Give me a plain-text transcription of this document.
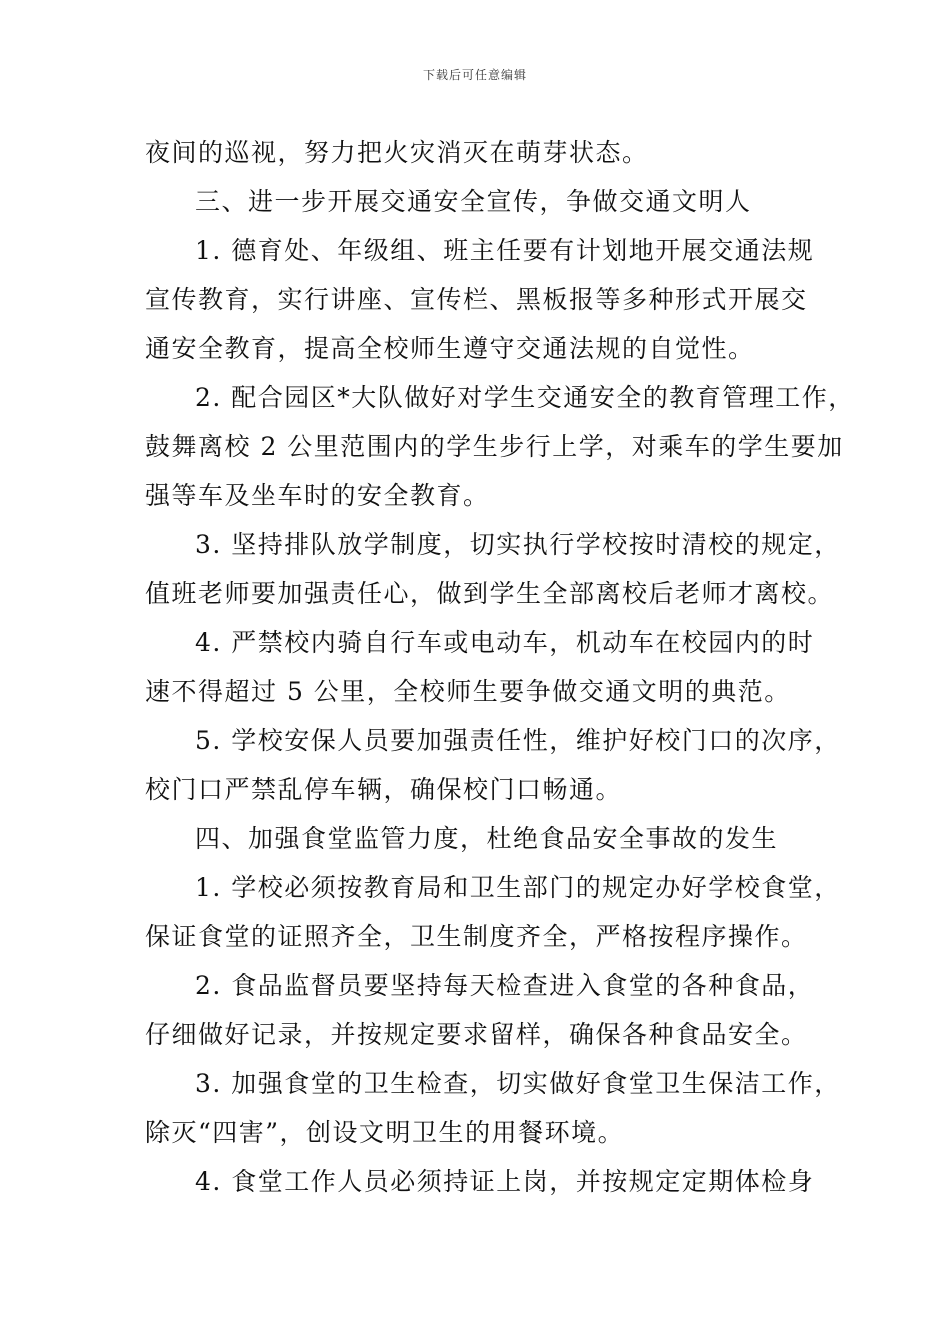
下载后可任意编辑
夜间的巡视，努力把火灾消灭在萌芽状态。
三、进一步开展交通安全宣传，争做交通文明人
1. 德育处、年级组、班主任要有计划地开展交通法规
宣传教育，实行讲座、宣传栏、黑板报等多种形式开展交
通安全教育，提高全校师生遵守交通法规的自觉性。
2. 配合园区*大队做好对学生交通安全的教育管理工作，
鼓舞离校 2 公里范围内的学生步行上学，对乘车的学生要加
强等车及坐车时的安全教育。
3. 坚持排队放学制度，切实执行学校按时清校的规定，
值班老师要加强责任心，做到学生全部离校后老师才离校。
4. 严禁校内骑自行车或电动车，机动车在校园内的时
速不得超过 5 公里，全校师生要争做交通文明的典范。
5. 学校安保人员要加强责任性，维护好校门口的次序，
校门口严禁乱停车辆，确保校门口畅通。
四、加强食堂监管力度，杜绝食品安全事故的发生
1. 学校必须按教育局和卫生部门的规定办好学校食堂，
保证食堂的证照齐全，卫生制度齐全，严格按程序操作。
2. 食品监督员要坚持每天检查进入食堂的各种食品，
仔细做好记录，并按规定要求留样，确保各种食品安全。
3. 加强食堂的卫生检查，切实做好食堂卫生保洁工作，
除灭“四害”，创设文明卫生的用餐环境。
4. 食堂工作人员必须持证上岗，并按规定定期体检身
